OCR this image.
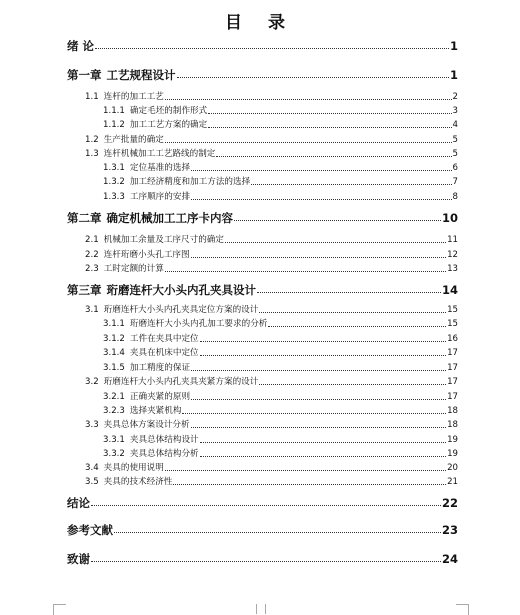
目 录
绪 论	1
第一章 工艺规程设计	1
1.1 连杆的加工工艺	2
1.1.1 确定毛坯的制作形式	3
1.1.2 加工工艺方案的确定	4
1.2 生产批量的确定	5
1.3 连杆机械加工工艺路线的制定	5
1.3.1 定位基准的选择	6
1.3.2 加工经济精度和加工方法的选择	7
1.3.3 工序顺序的安排	8
第二章 确定机械加工工序卡内容	10
2.1 机械加工余量及工序尺寸的确定	11
2.2 连杆珩磨小头孔工序图	12
2.3 工时定额的计算	13
第三章 珩磨连杆大小头内孔夹具设计	14
3.1 珩磨连杆大小头内孔夹具定位方案的设计	15
3.1.1 珩磨连杆大小头内孔加工要求的分析	15
3.1.2 工件在夹具中定位	16
3.1.4 夹具在机床中定位	17
3.1.5 加工精度的保证	17
3.2 珩磨连杆大小头内孔夹具夹紧方案的设计	17
3.2.1 正确夹紧的原则	17
3.2.3 选择夹紧机构	18
3.3 夹具总体方案设计分析	18
3.3.1 夹具总体结构设计	19
3.3.2 夹具总体结构分析	19
3.4 夹具的使用说明	20
3.5 夹具的技术经济性	21
结论	22
参考文献	23
致谢	24
